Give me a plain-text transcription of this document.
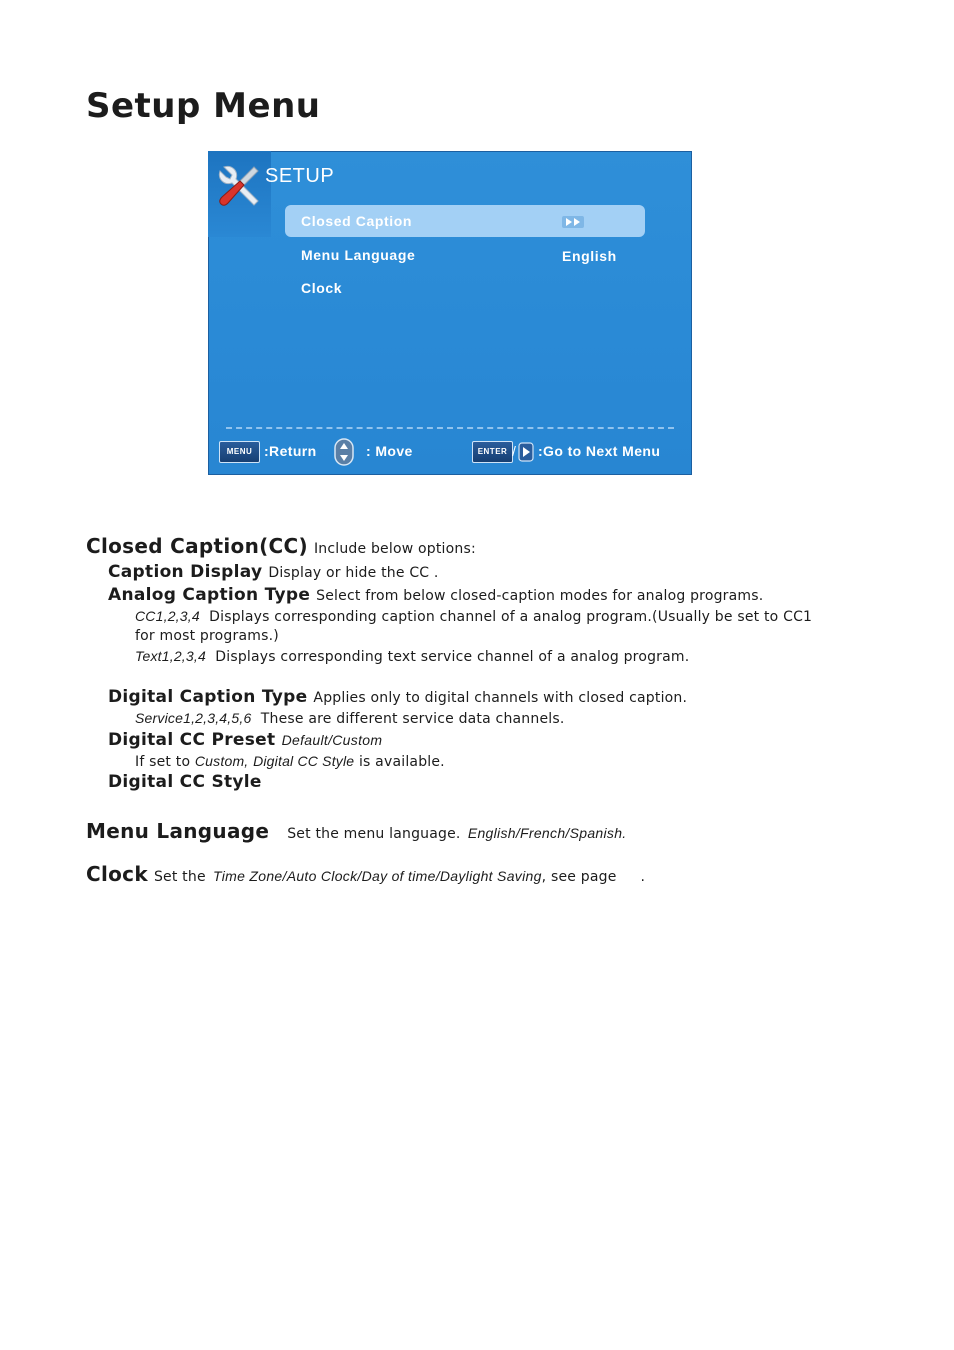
Setup Menu
SETUP
Closed Caption
Menu Language	English
Clock
MENU :Return	: Move	ENTER / :Go to Next Menu
Closed Caption(CC) Include below options:
Caption Display Display or hide the CC .
Analog Caption Type Select from below closed-caption modes for analog programs.
CC1,2,3,4 Displays corresponding caption channel of a analog program.(Usually be set to CC1
for most programs.)
Text1,2,3,4 Displays corresponding text service channel of a analog program.
Digital Caption Type Applies only to digital channels with closed caption.
Service1,2,3,4,5,6 These are different service data channels.
Digital CC Preset Default/Custom
If set to Custom, Digital CC Style is available.
Digital CC Style
Menu Language Set the menu language. English/French/Spanish.
Clock Set the Time Zone/Auto Clock/Day of time/Daylight Saving, see page .
